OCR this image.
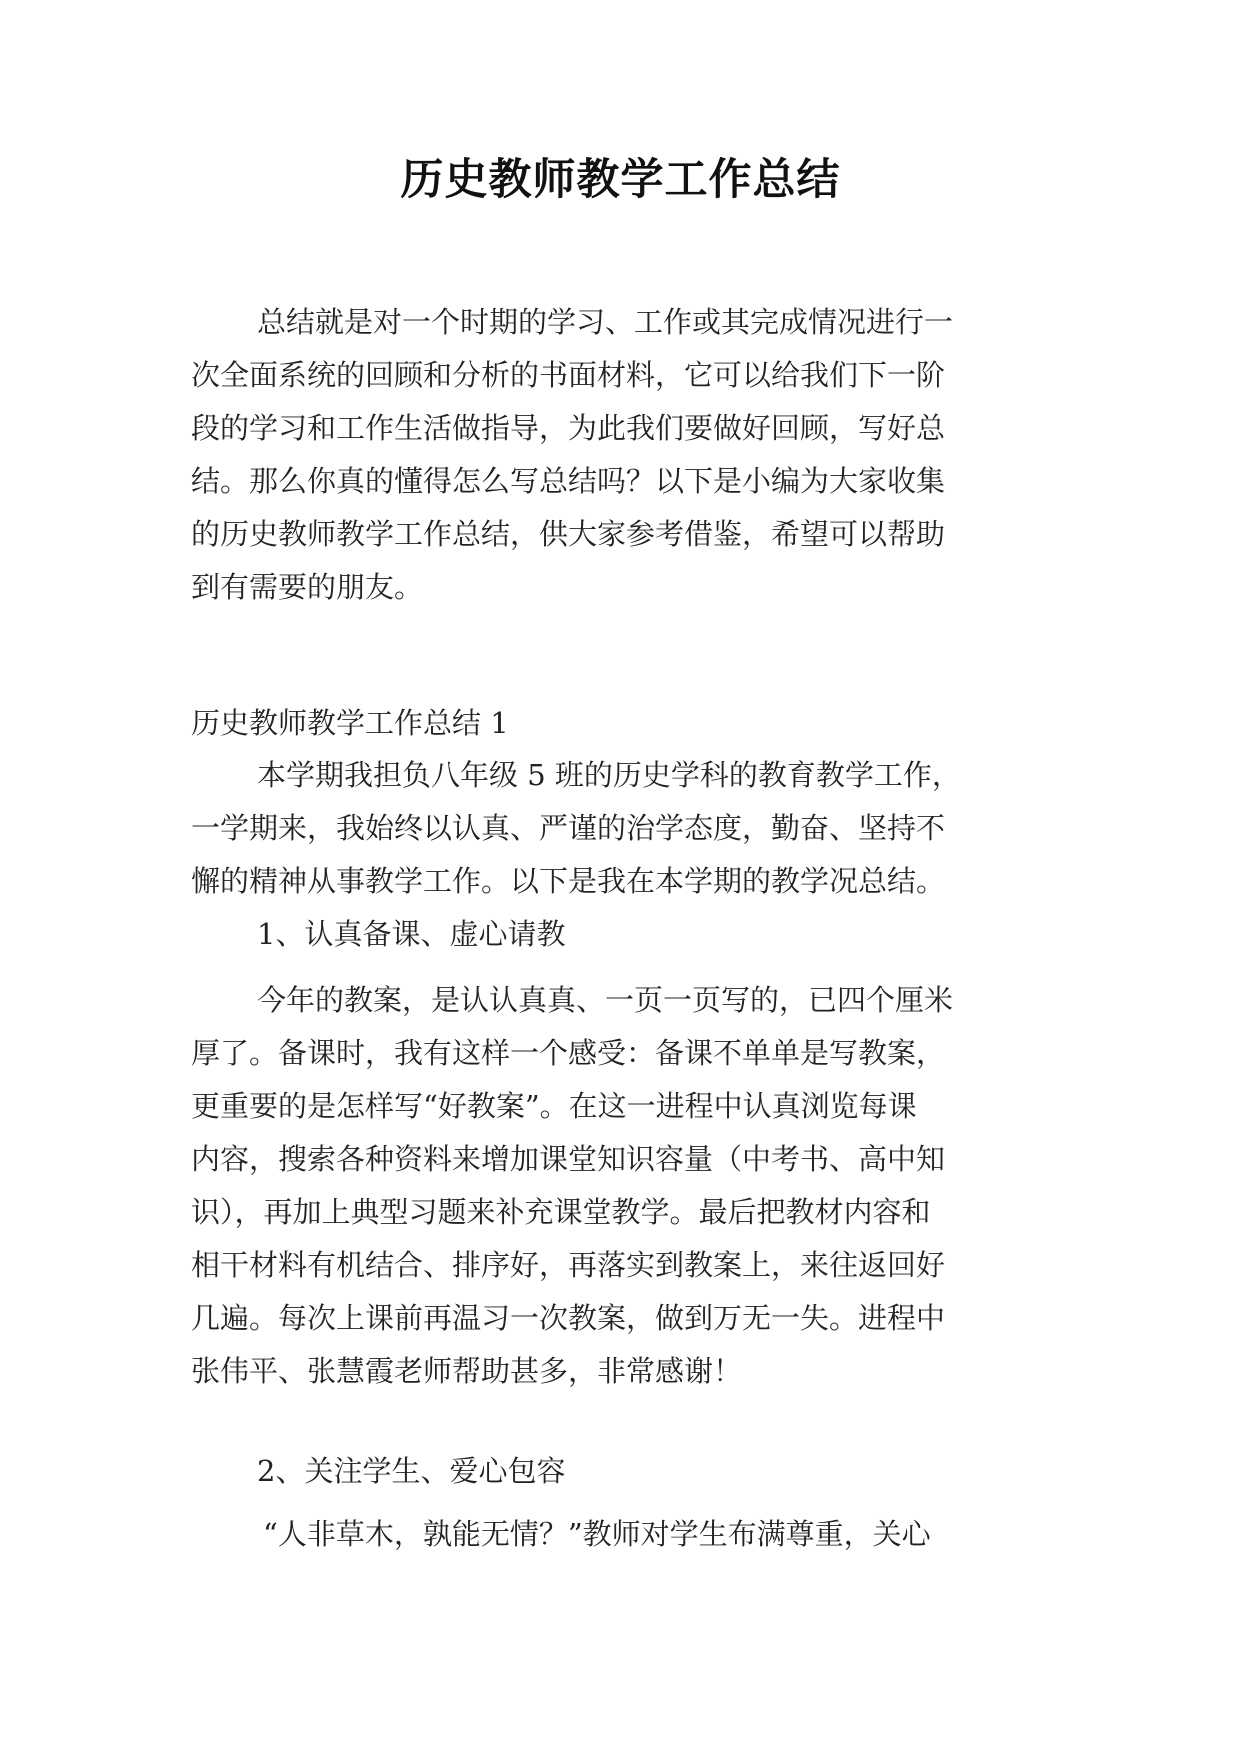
历史教师教学工作总结
总结就是对一个时期的学习、工作或其完成情况进行一
次全面系统的回顾和分析的书面材料，它可以给我们下一阶
段的学习和工作生活做指导，为此我们要做好回顾，写好总
结。那么你真的懂得怎么写总结吗？以下是小编为大家收集
的历史教师教学工作总结，供大家参考借鉴，希望可以帮助
到有需要的朋友。
历史教师教学工作总结 1
本学期我担负八年级 5 班的历史学科的教育教学工作，
一学期来，我始终以认真、严谨的治学态度，勤奋、坚持不
懈的精神从事教学工作。以下是我在本学期的教学况总结。
1、认真备课、虚心请教
今年的教案，是认认真真、一页一页写的，已四个厘米
厚了。备课时，我有这样一个感受：备课不单单是写教案，
更重要的是怎样写“好教案”。在这一进程中认真浏览每课
内容，搜索各种资料来增加课堂知识容量（中考书、高中知
识），再加上典型习题来补充课堂教学。最后把教材内容和
相干材料有机结合、排序好，再落实到教案上，来往返回好
几遍。每次上课前再温习一次教案，做到万无一失。进程中
张伟平、张慧霞老师帮助甚多，非常感谢！
2、关注学生、爱心包容
“人非草木，孰能无情？”教师对学生布满尊重，关心
